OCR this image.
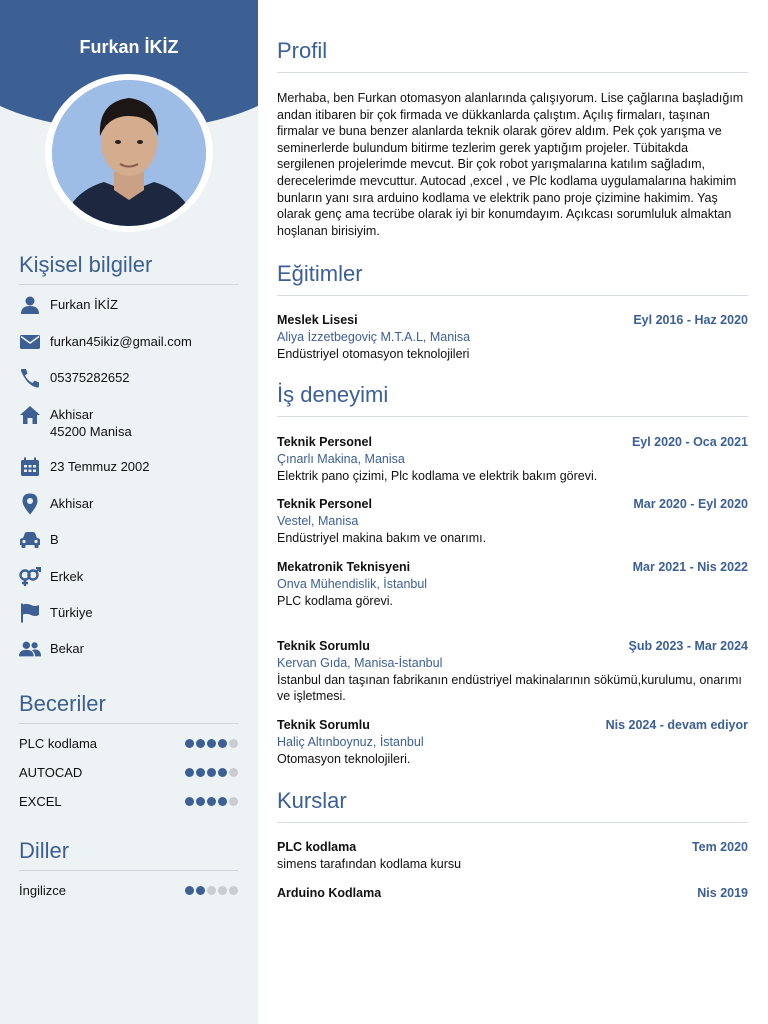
Furkan İKİZ
Kişisel bilgiler
Furkan İKİZ
furkan45ikiz@gmail.com
05375282652
Akhisar
45200 Manisa
23 Temmuz 2002
Akhisar
B
Erkek
Türkiye
Bekar
Beceriler
PLC kodlama
AUTOCAD
EXCEL
Diller
İngilizce
Profil
Merhaba, ben Furkan otomasyon alanlarında çalışıyorum. Lise çağlarına başladığım andan itibaren bir çok firmada ve dükkanlarda çalıştım. Açılış firmaları, taşınan firmalar ve buna benzer alanlarda teknik olarak görev aldım. Pek çok yarışma ve seminerlerde bulundum bitirme tezlerim gerek yaptığım projeler. Tübitakda sergilenen projelerimde mevcut. Bir çok robot yarışmalarına katılım sağladım, derecelerimde mevcuttur. Autocad ,excel , ve Plc kodlama uygulamalarına hakimim bunların yanı sıra arduino kodlama ve elektrik pano proje çizimine hakimim. Yaş olarak genç ama tecrübe olarak iyi bir konumdayım. Açıkcası sorumluluk almaktan hoşlanan birisiyim.
Eğitimler
Meslek Lisesi	Eyl 2016 - Haz 2020
Aliya İzzetbegoviç M.T.A.L, Manisa
Endüstriyel otomasyon teknolojileri
İş deneyimi
Teknik Personel	Eyl 2020 - Oca 2021
Çınarlı Makina, Manisa
Elektrik pano çizimi, Plc kodlama ve elektrik bakım görevi.
Teknik Personel	Mar 2020 - Eyl 2020
Vestel, Manisa
Endüstriyel makina bakım ve onarımı.
Mekatronik Teknisyeni	Mar 2021 - Nis 2022
Onva Mühendislik, İstanbul
PLC kodlama görevi.
Teknik Sorumlu	Şub 2023 - Mar 2024
Kervan Gıda, Manisa-İstanbul
İstanbul dan taşınan fabrikanın endüstriyel makinalarının sökümü,kurulumu, onarımı ve işletmesi.
Teknik Sorumlu	Nis 2024 - devam ediyor
Haliç Altınboynuz, İstanbul
Otomasyon teknolojileri.
Kurslar
PLC kodlama	Tem 2020
simens tarafından kodlama kursu
Arduino Kodlama	Nis 2019
